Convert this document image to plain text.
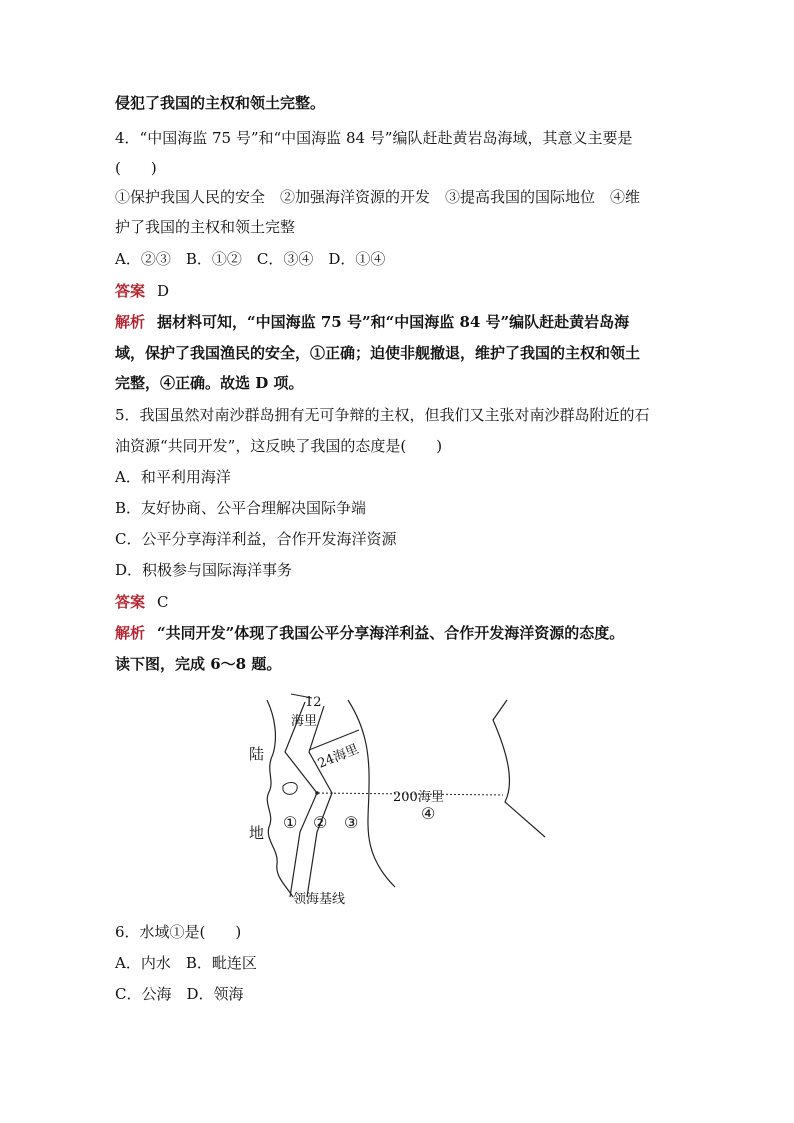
侵犯了我国的主权和领土完整。
4．“中国海监 75 号”和“中国海监 84 号”编队赶赴黄岩岛海域，其意义主要是
(　　)
①保护我国人民的安全　②加强海洋资源的开发　③提高我国的国际地位　④维
护了我国的主权和领土完整
A．②③　B．①②　C．③④　D．①④
答案 D
解析 据材料可知，“中国海监 75 号”和“中国海监 84 号”编队赶赴黄岩岛海
域，保护了我国渔民的安全，①正确；迫使非舰撤退，维护了我国的主权和领土
完整，④正确。故选 D 项。
5．我国虽然对南沙群岛拥有无可争辩的主权，但我们又主张对南沙群岛附近的石
油资源“共同开发”，这反映了我国的态度是(　　)
A．和平利用海洋
B．友好协商、公平合理解决国际争端
C．公平分享海洋利益，合作开发海洋资源
D．积极参与国际海洋事务
答案 C
解析 “共同开发”体现了我国公平分享海洋利益、合作开发海洋资源的态度。
读下图，完成 6～8 题。
12
海里
24海里
200海里
陆
地
① ② ③	④
领海基线
6．水域①是(　　)
A．内水　B．毗连区
C．公海　D．领海
